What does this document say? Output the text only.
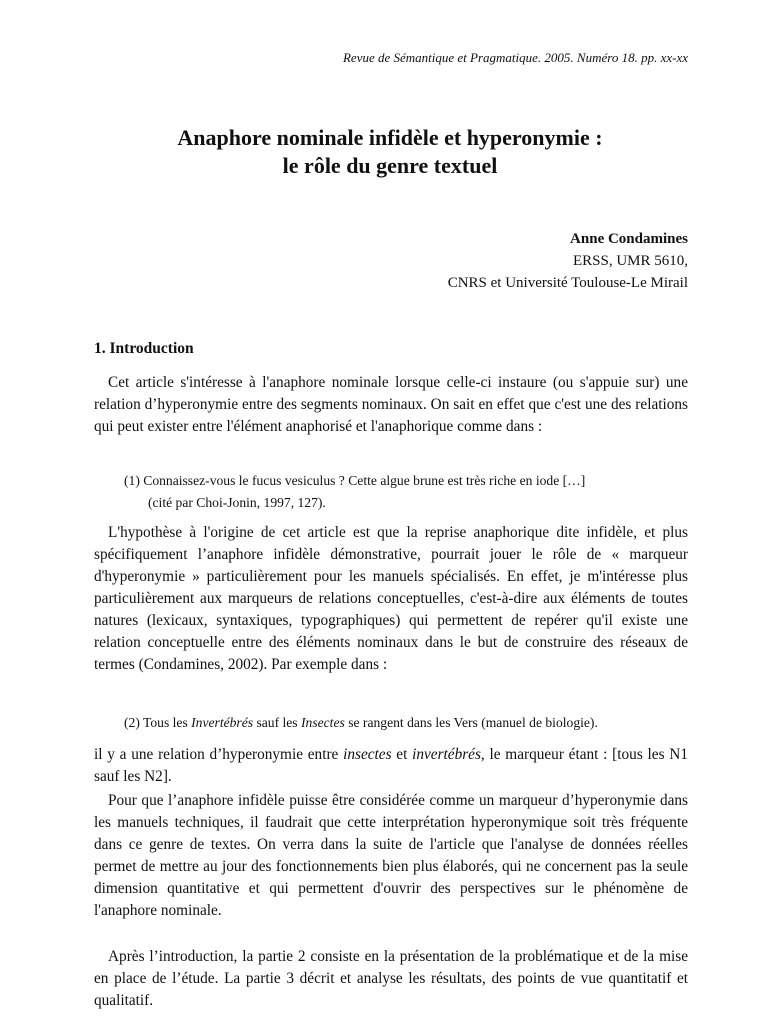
Revue de Sémantique et Pragmatique. 2005. Numéro 18. pp. xx-xx
Anaphore nominale infidèle et hyperonymie :
le rôle du genre textuel
Anne Condamines
ERSS, UMR 5610,
CNRS et Université Toulouse-Le Mirail
1. Introduction

Cet article s'intéresse à l'anaphore nominale lorsque celle-ci instaure (ou s'appuie sur) une relation d’hyperonymie entre des segments nominaux. On sait en effet que c'est une des relations qui peut exister entre l'élément anaphorisé et l'anaphorique comme dans :

(1) Connaissez-vous le fucus vesiculus ? Cette algue brune est très riche en iode […]
(cité par Choi-Jonin, 1997, 127).

L'hypothèse à l'origine de cet article est que la reprise anaphorique dite infidèle, et plus spécifiquement l’anaphore infidèle démonstrative, pourrait jouer le rôle de « marqueur d'hyperonymie » particulièrement pour les manuels spécialisés. En effet, je m'intéresse plus particulièrement aux marqueurs de relations conceptuelles, c'est-à-dire aux éléments de toutes natures (lexicaux, syntaxiques, typographiques) qui permettent de repérer qu'il existe une relation conceptuelle entre des éléments nominaux dans le but de construire des réseaux de termes (Condamines, 2002). Par exemple dans :

(2) Tous les Invertébrés sauf les Insectes se rangent dans les Vers (manuel de biologie).

il y a une relation d’hyperonymie entre insectes et invertébrés, le marqueur étant : [tous les N1 sauf les N2].

Pour que l’anaphore infidèle puisse être considérée comme un marqueur d’hyperonymie dans les manuels techniques, il faudrait que cette interprétation hyperonymique soit très fréquente dans ce genre de textes. On verra dans la suite de l'article que l'analyse de données réelles permet de mettre au jour des fonctionnements bien plus élaborés, qui ne concernent pas la seule dimension quantitative et qui permettent d'ouvrir des perspectives sur le phénomène de l'anaphore nominale.

Après l’introduction, la partie 2 consiste en la présentation de la problématique et de la mise en place de l’étude. La partie 3 décrit et analyse les résultats, des points de vue quantitatif et qualitatif.
